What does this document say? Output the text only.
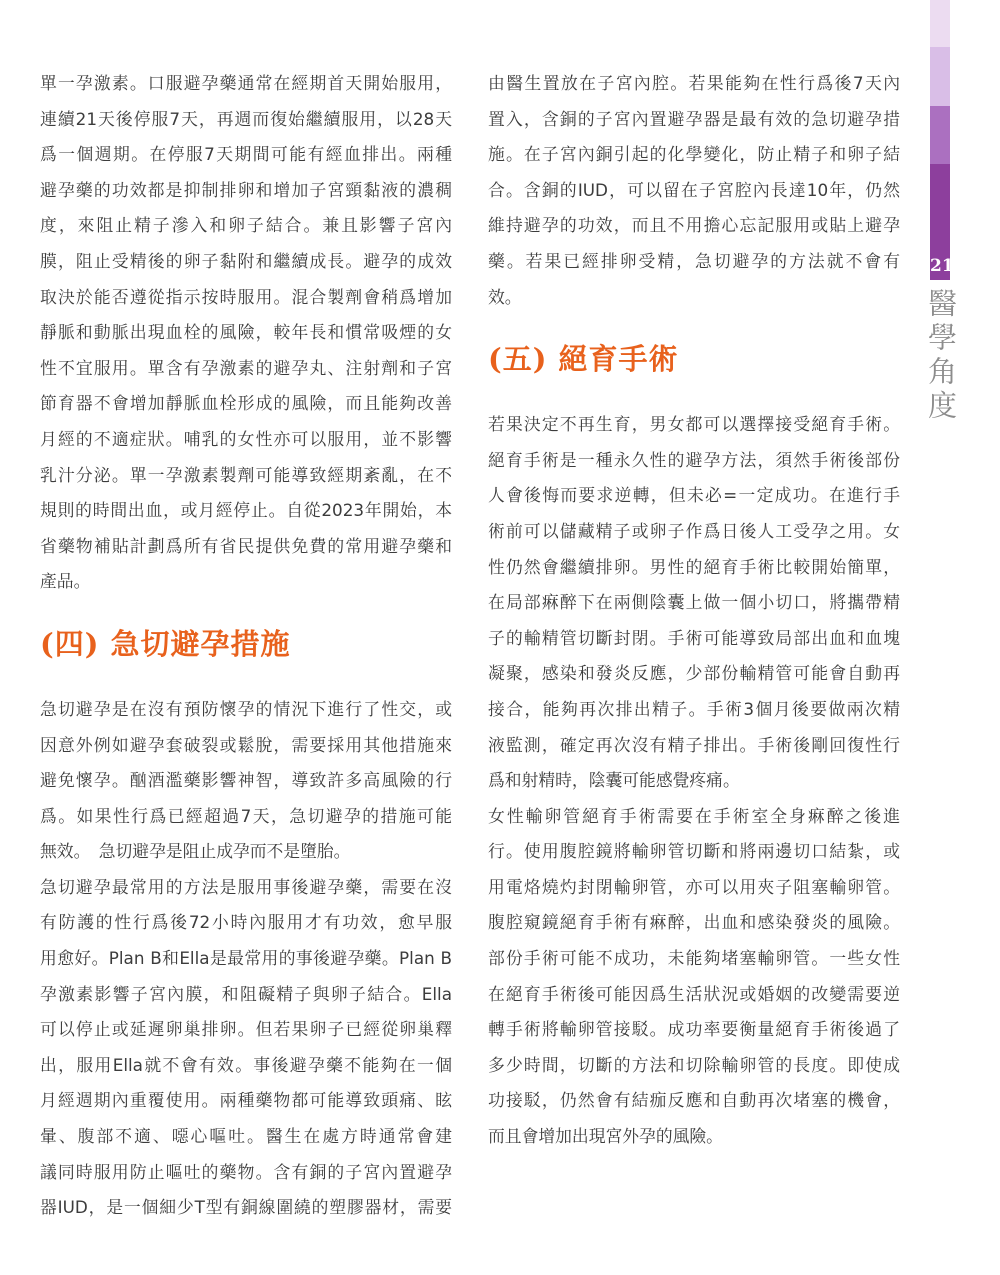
單一孕激素。口服避孕藥通常在經期首天開始服用，
連續21天後停服7天，再週而復始繼續服用，以28天
爲一個週期。在停服7天期間可能有經血排出。兩種
避孕藥的功效都是抑制排卵和增加子宮頸黏液的濃稠
度，來阻止精子滲入和卵子結合。兼且影響子宮內
膜，阻止受精後的卵子黏附和繼續成長。避孕的成效
取決於能否遵從指示按時服用。混合製劑會稍爲增加
靜脈和動脈出現血栓的風險，較年長和慣常吸煙的女
性不宜服用。單含有孕激素的避孕丸、注射劑和子宮
節育器不會增加靜脈血栓形成的風險，而且能夠改善
月經的不適症狀。哺乳的女性亦可以服用，並不影響
乳汁分泌。單一孕激素製劑可能導致經期紊亂，在不
規則的時間出血，或月經停止。自從2023年開始，本
省藥物補貼計劃爲所有省民提供免費的常用避孕藥和
產品。
(四) 急切避孕措施
急切避孕是在沒有預防懷孕的情況下進行了性交，或
因意外例如避孕套破裂或鬆脫，需要採用其他措施來
避免懷孕。酗酒濫藥影響神智，導致許多高風險的行
爲。如果性行爲已經超過7天，急切避孕的措施可能
無效。　急切避孕是阻止成孕而不是墮胎。
急切避孕最常用的方法是服用事後避孕藥，需要在沒
有防護的性行爲後72小時內服用才有功效，愈早服
用愈好。Plan B和Ella是最常用的事後避孕藥。Plan B
孕激素影響子宮內膜，和阻礙精子與卵子結合。Ella
可以停止或延遲卵巢排卵。但若果卵子已經從卵巢釋
出，服用Ella就不會有效。事後避孕藥不能夠在一個
月經週期內重覆使用。兩種藥物都可能導致頭痛、眩
暈、腹部不適、噁心嘔吐。醫生在處方時通常會建
議同時服用防止嘔吐的藥物。含有銅的子宮內置避孕
器IUD，是一個細少T型有銅線圍繞的塑膠器材，需要
由醫生置放在子宮內腔。若果能夠在性行爲後7天內
置入，含銅的子宮內置避孕器是最有效的急切避孕措
施。在子宮內銅引起的化學變化，防止精子和卵子結
合。含銅的IUD，可以留在子宮腔內長達10年，仍然
維持避孕的功效，而且不用擔心忘記服用或貼上避孕
藥。若果已經排卵受精，急切避孕的方法就不會有
效。
(五) 絕育手術
若果決定不再生育，男女都可以選擇接受絕育手術。
絕育手術是一種永久性的避孕方法，須然手術後部份
人會後悔而要求逆轉，但未必=一定成功。在進行手
術前可以儲藏精子或卵子作爲日後人工受孕之用。女
性仍然會繼續排卵。男性的絕育手術比較開始簡單，
在局部痳醉下在兩側陰囊上做一個小切口，將攜帶精
子的輸精管切斷封閉。手術可能導致局部出血和血塊
凝聚，感染和發炎反應，少部份輸精管可能會自動再
接合，能夠再次排出精子。手術3個月後要做兩次精
液監測，確定再次沒有精子排出。手術後剛回復性行
爲和射精時，陰囊可能感覺疼痛。
女性輸卵管絕育手術需要在手術室全身痳醉之後進
行。使用腹腔鏡將輸卵管切斷和將兩邊切口結紮，或
用電烙燒灼封閉輸卵管，亦可以用夾子阻塞輸卵管。
腹腔窺鏡絕育手術有痳醉，出血和感染發炎的風險。
部份手術可能不成功，未能夠堵塞輸卵管。一些女性
在絕育手術後可能因爲生活狀況或婚姻的改變需要逆
轉手術將輸卵管接駁。成功率要衡量絕育手術後過了
多少時間，切斷的方法和切除輸卵管的長度。即使成
功接駁，仍然會有結痂反應和自動再次堵塞的機會，
而且會增加出現宮外孕的風險。
21
醫學角度
